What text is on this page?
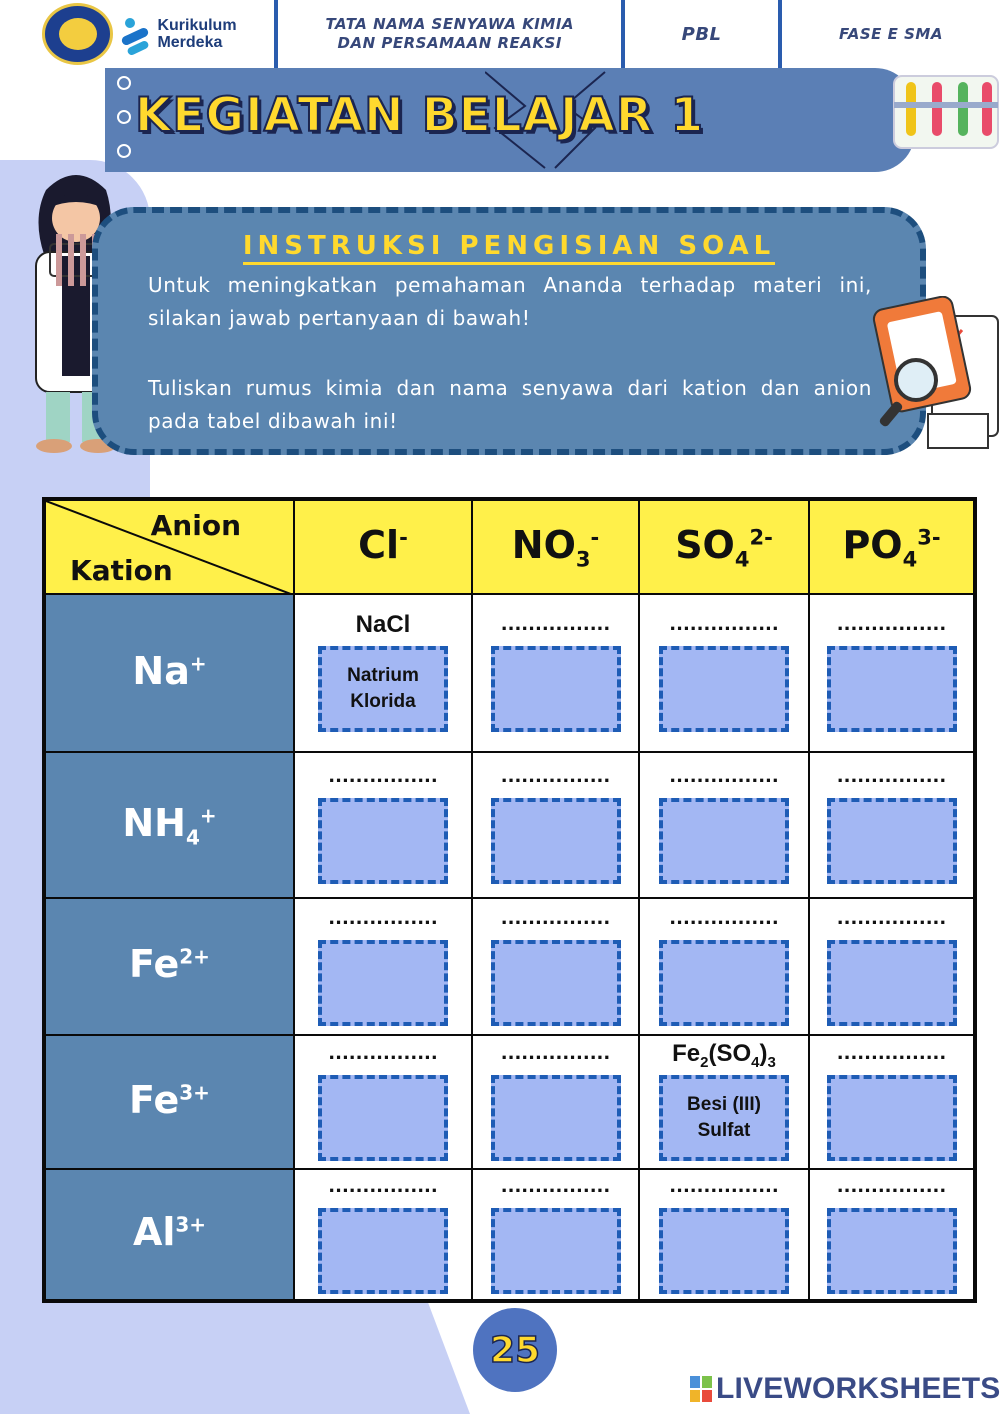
Kurikulum
Merdeka
TATA NAMA SENYAWA KIMIA
DAN PERSAMAAN REAKSI	PBL	FASE E SMA
KEGIATAN BELAJAR 1
INSTRUKSI PENGISIAN SOAL

Untuk meningkatkan pemahaman Ananda terhadap materi ini, silakan jawab pertanyaan di bawah!

Tuliskan rumus kimia dan nama senyawa dari kation dan anion pada tabel dibawah ini!

Anion
Kation	Cl-	$NO_3^-$	$SO_4^{2-}$	$PO_4^{3-}$
Na+	NaCl
Natrium
Klorida	................	................	................

$NH_4^+$	................	................	................	................

$Fe^{2+}$	................	................	................	................

$Fe^{3+}$	................	................	$Fe_2(SO_4)_3$
Besi (III)
Sulfat	................

$Al^{3+}$	................	................	................	................
25
LIVEWORKSHEETS
